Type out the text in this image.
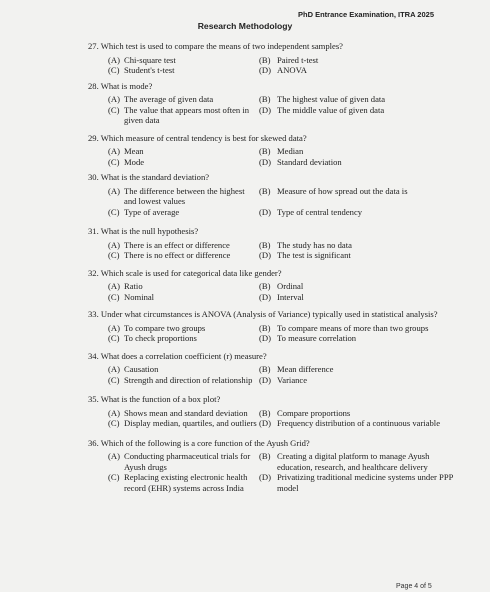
PhD Entrance Examination, ITRA 2025
Research Methodology
27. Which test is used to compare the means of two independent samples?
(A) Chi-square test	(B) Paired t-test
(C) Student's t-test	(D) ANOVA
28. What is mode?
(A) The average of given data	(B) The highest value of given data
(C) The value that appears most often in given data
(D) The middle value of given data
29. Which measure of central tendency is best for skewed data?
(A) Mean	(B) Median
(C) Mode	(D) Standard deviation
30. What is the standard deviation?
(A) The difference between the highest and lowest values
(B) Measure of how spread out the data is
(C) Type of average	(D) Type of central tendency
31. What is the null hypothesis?
(A) There is an effect or difference	(B) The study has no data
(C) There is no effect or difference	(D) The test is significant
32. Which scale is used for categorical data like gender?
(A) Ratio	(B) Ordinal
(C) Nominal	(D) Interval
33. Under what circumstances is ANOVA (Analysis of Variance) typically used in statistical analysis?
(A) To compare two groups	(B) To compare means of more than two groups
(C) To check proportions	(D) To measure correlation
34. What does a correlation coefficient (r) measure?
(A) Causation	(B) Mean difference
(C) Strength and direction of relationship (D) Variance
35. What is the function of a box plot?
(A) Shows mean and standard deviation	(B) Compare proportions
(C) Display median, quartiles, and outliers (D) Frequency distribution of a continuous variable
36. Which of the following is a core function of the Ayush Grid?
(A) Conducting pharmaceutical trials for Ayush drugs
(B) Creating a digital platform to manage Ayush education, research, and healthcare delivery
(C) Replacing existing electronic health record (EHR) systems across India
(D) Privatizing traditional medicine systems under PPP model
Page 4 of 5
